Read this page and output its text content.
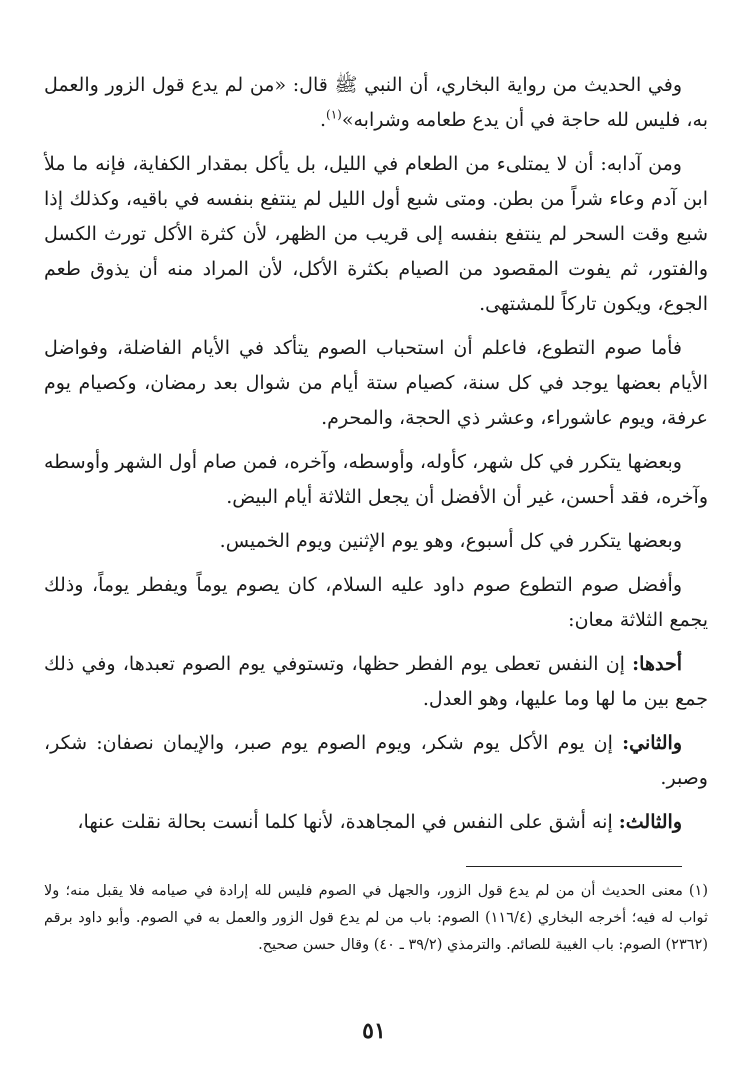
وفي الحديث من رواية البخاري، أن النبي ﷺ قال: «من لم يدع قول الزور والعمل به، فليس لله حاجة في أن يدع طعامه وشرابه»$^{(١)}$.

ومن آدابه: أن لا يمتلىء من الطعام في الليل، بل يأكل بمقدار الكفاية، فإنه ما ملأ ابن آدم وعاء شراً من بطن. ومتى شبع أول الليل لم ينتفع بنفسه في باقيه، وكذلك إذا شبع وقت السحر لم ينتفع بنفسه إلى قريب من الظهر، لأن كثرة الأكل تورث الكسل والفتور، ثم يفوت المقصود من الصيام بكثرة الأكل، لأن المراد منه أن يذوق طعم الجوع، ويكون تاركاً للمشتهى.

فأما صوم التطوع، فاعلم أن استحباب الصوم يتأكد في الأيام الفاضلة، وفواضل الأيام بعضها يوجد في كل سنة، كصيام ستة أيام من شوال بعد رمضان، وكصيام يوم عرفة، ويوم عاشوراء، وعشر ذي الحجة، والمحرم.

وبعضها يتكرر في كل شهر، كأوله، وأوسطه، وآخره، فمن صام أول الشهر وأوسطه وآخره، فقد أحسن، غير أن الأفضل أن يجعل الثلاثة أيام البيض.

وبعضها يتكرر في كل أسبوع، وهو يوم الإثنين ويوم الخميس.

وأفضل صوم التطوع صوم داود عليه السلام، كان يصوم يوماً ويفطر يوماً، وذلك يجمع الثلاثة معان:

أحدها: إن النفس تعطى يوم الفطر حظها، وتستوفي يوم الصوم تعبدها، وفي ذلك جمع بين ما لها وما عليها، وهو العدل.

والثاني: إن يوم الأكل يوم شكر، ويوم الصوم يوم صبر، والإيمان نصفان: شكر، وصبر.

والثالث: إنه أشق على النفس في المجاهدة، لأنها كلما أنست بحالة نقلت عنها،

(١)معنى الحديث أن من لم يدع قول الزور، والجهل في الصوم فليس لله إرادة في صيامه فلا يقبل منه؛ ولا ثواب له فيه؛ أخرجه البخاري (١١٦/٤) الصوم: باب من لم يدع قول الزور والعمل به في الصوم. وأبو داود برقم (٢٣٦٢) الصوم: باب الغيبة للصائم. والترمذي (٣٩/٢ ـ ٤٠) وقال حسن صحيح.
٥١
